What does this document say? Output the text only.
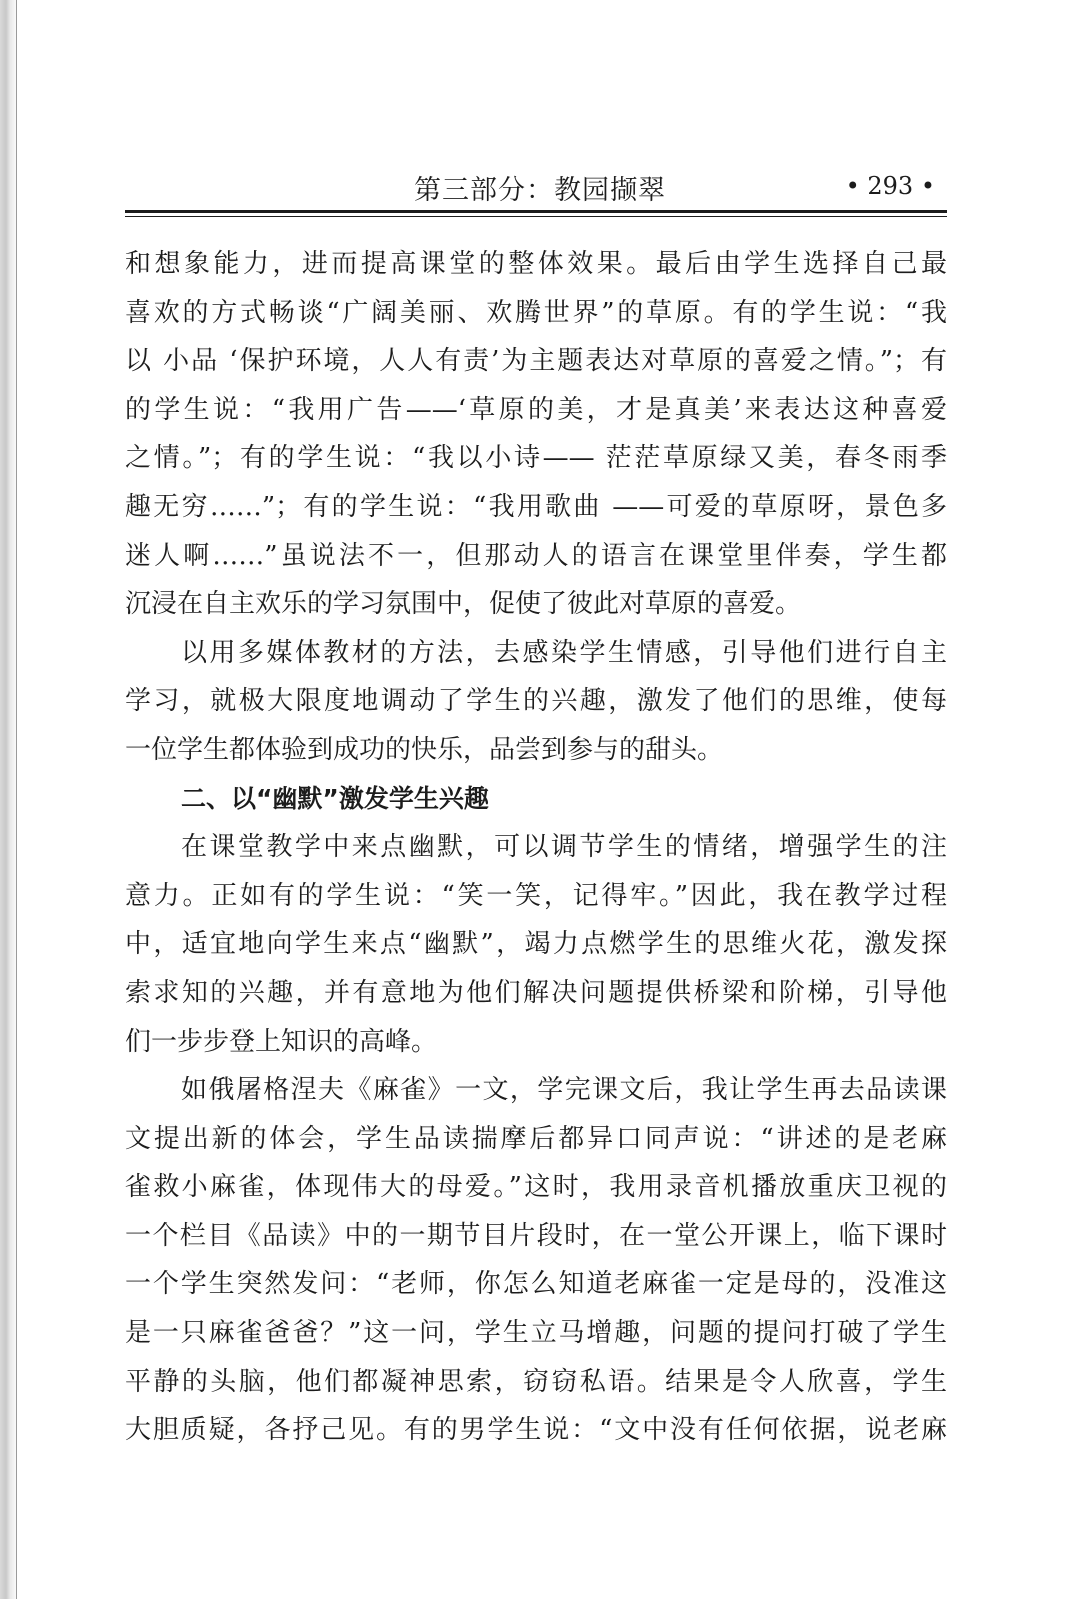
第三部分：教园撷翠	• 293 •
和想象能力，进而提高课堂的整体效果。最后由学生选择自己最
喜欢的方式畅谈“广阔美丽、欢腾世界”的草原。有的学生说：“我
以 小品 ‘保护环境，人人有责’为主题表达对草原的喜爱之情。”；有
的学生说：“我用广告——‘草原的美，才是真美’来表达这种喜爱
之情。”；有的学生说：“我以小诗—— 茫茫草原绿又美，春冬雨季
趣无穷……”；有的学生说：“我用歌曲 ——可爱的草原呀，景色多
迷人啊……”虽说法不一，但那动人的语言在课堂里伴奏，学生都
沉浸在自主欢乐的学习氛围中，促使了彼此对草原的喜爱。
以用多媒体教材的方法，去感染学生情感，引导他们进行自主
学习，就极大限度地调动了学生的兴趣，激发了他们的思维，使每
一位学生都体验到成功的快乐，品尝到参与的甜头。
二、以“幽默”激发学生兴趣
在课堂教学中来点幽默，可以调节学生的情绪，增强学生的注
意力。正如有的学生说：“笑一笑，记得牢。”因此，我在教学过程
中，适宜地向学生来点“幽默”，竭力点燃学生的思维火花，激发探
索求知的兴趣，并有意地为他们解决问题提供桥梁和阶梯，引导他
们一步步登上知识的高峰。
如俄屠格涅夫《麻雀》一文，学完课文后，我让学生再去品读课
文提出新的体会，学生品读揣摩后都异口同声说：“讲述的是老麻
雀救小麻雀，体现伟大的母爱。”这时，我用录音机播放重庆卫视的
一个栏目《品读》中的一期节目片段时，在一堂公开课上，临下课时
一个学生突然发问：“老师，你怎么知道老麻雀一定是母的，没准这
是一只麻雀爸爸？”这一问，学生立马增趣，问题的提问打破了学生
平静的头脑，他们都凝神思索，窃窃私语。结果是令人欣喜，学生
大胆质疑，各抒己见。有的男学生说：“文中没有任何依据，说老麻
